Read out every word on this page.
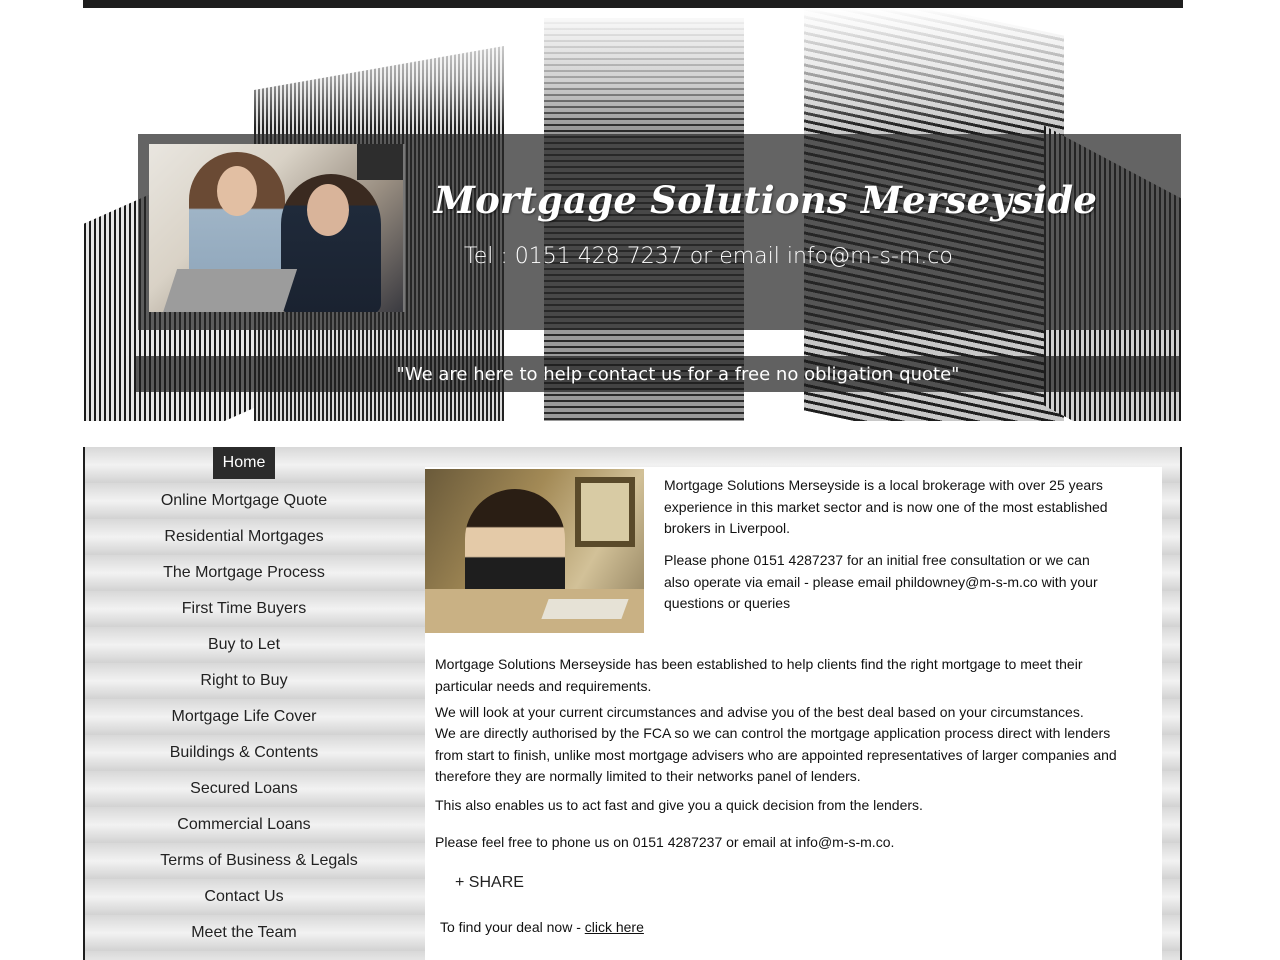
Mortgage Solutions Merseyside
Tel : 0151 428 7237 or email info@m-s-m.co
"We are here to help contact us for a free no obligation quote"
Home
Online Mortgage Quote
Residential Mortgages
The Mortgage Process
First Time Buyers
Buy to Let
Right to Buy
Mortgage Life Cover
Buildings & Contents
Secured Loans
Commercial Loans
Terms of Business & Legals
Contact Us
Meet the Team

Mortgage Solutions Merseyside is a local brokerage with over 25 years experience in this market sector and is now one of the most established brokers in Liverpool.

Please phone 0151 4287237 for an initial free consultation or we can also operate via email - please email phildowney@m-s-m.co with your questions or queries

Mortgage Solutions Merseyside has been established to help clients find the right mortgage to meet their particular needs and requirements.

We will look at your current circumstances and advise you of the best deal based on your circumstances.

We are directly authorised by the FCA so we can control the mortgage application process direct with lenders from start to finish, unlike most mortgage advisers who are appointed representatives of larger companies and therefore they are normally limited to their networks panel of lenders.

This also enables us to act fast and give you a quick decision from the lenders.

Please feel free to phone us on 0151 4287237 or email at info@m-s-m.co.

+ SHARE
To find your deal now - click here
